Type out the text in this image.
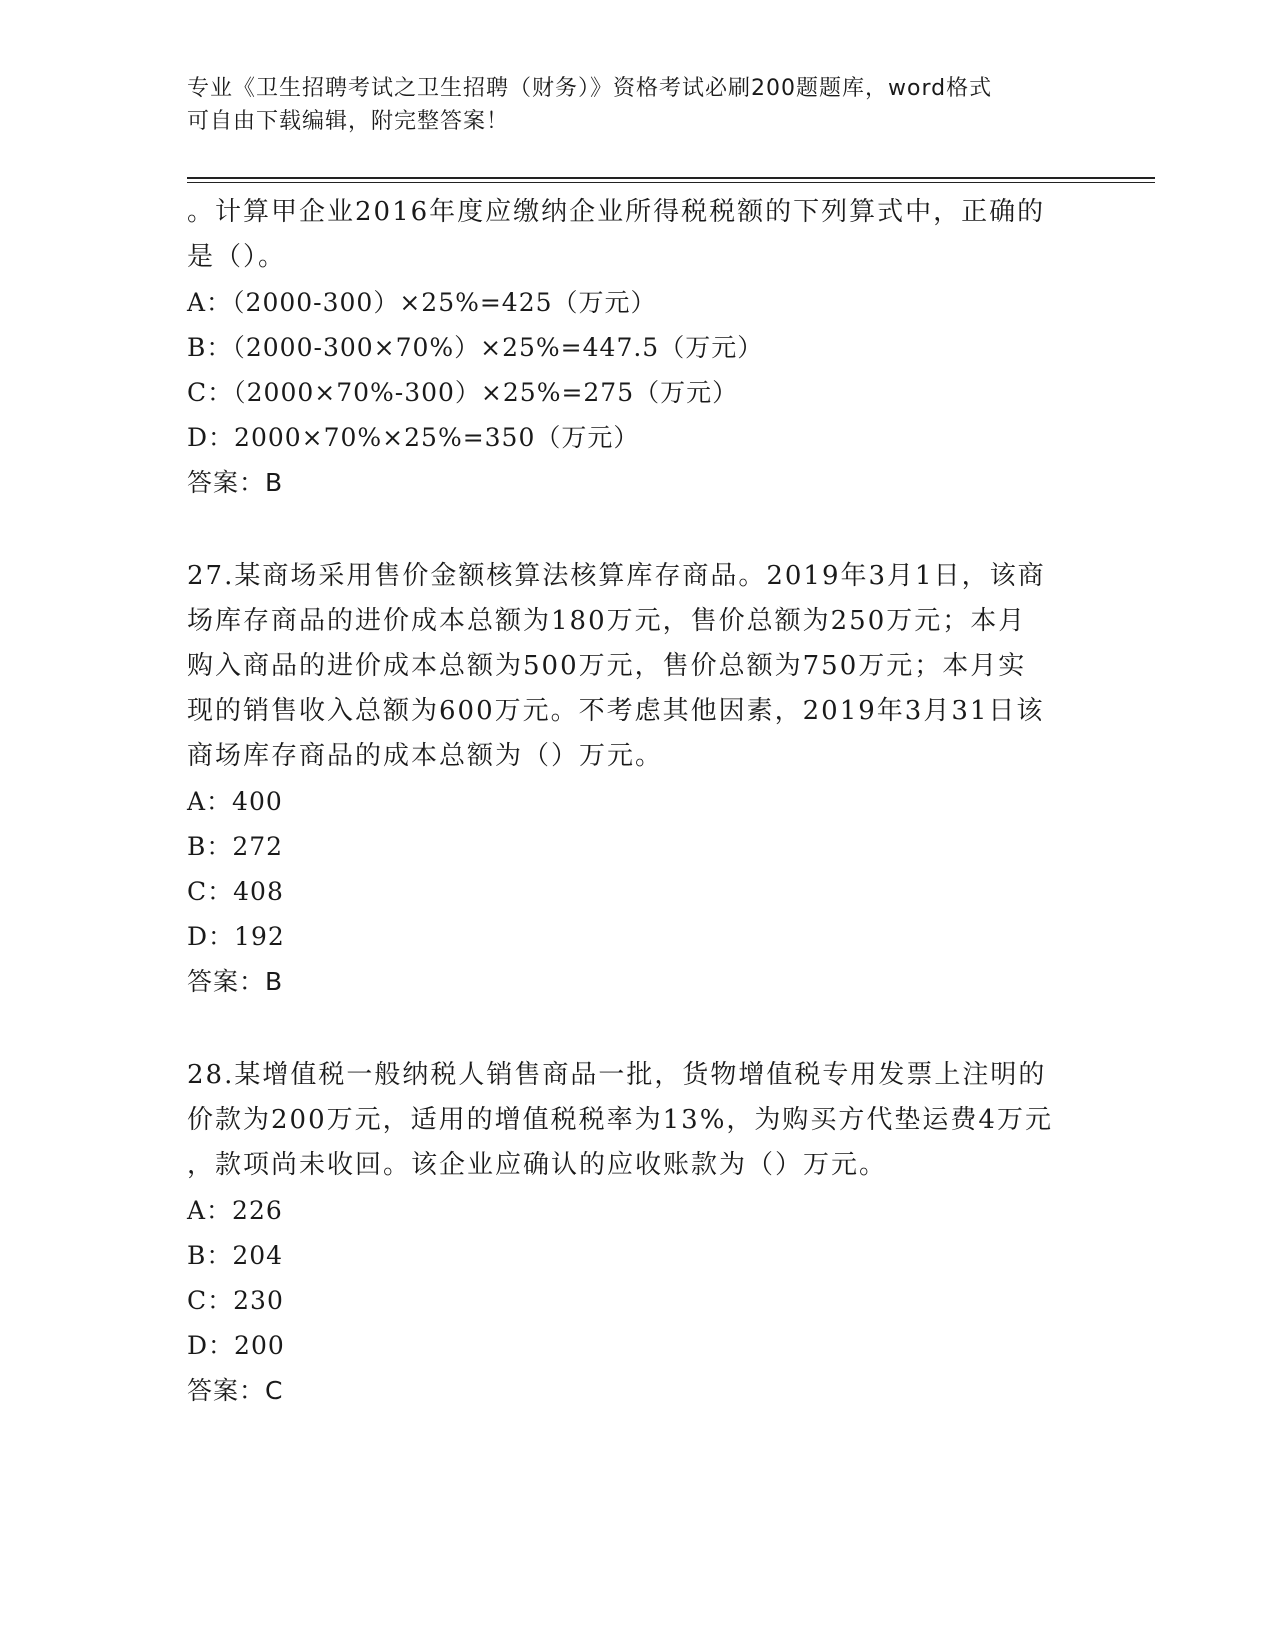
专业《卫生招聘考试之卫生招聘（财务）》资格考试必刷200题题库，word格式
可自由下载编辑，附完整答案！
。计算甲企业2016年度应缴纳企业所得税税额的下列算式中，正确的
是（）。
A：（2000-300）×25%=425（万元）
B：（2000-300×70%）×25%=447.5（万元）
C：（2000×70%-300）×25%=275（万元）
D：2000×70%×25%=350（万元）
答案：B
27.某商场采用售价金额核算法核算库存商品。2019年3月1日，该商
场库存商品的进价成本总额为180万元，售价总额为250万元；本月
购入商品的进价成本总额为500万元，售价总额为750万元；本月实
现的销售收入总额为600万元。不考虑其他因素，2019年3月31日该
商场库存商品的成本总额为（）万元。
A：400
B：272
C：408
D：192
答案：B
28.某增值税一般纳税人销售商品一批，货物增值税专用发票上注明的
价款为200万元，适用的增值税税率为13%，为购买方代垫运费4万元
，款项尚未收回。该企业应确认的应收账款为（）万元。
A：226
B：204
C：230
D：200
答案：C
